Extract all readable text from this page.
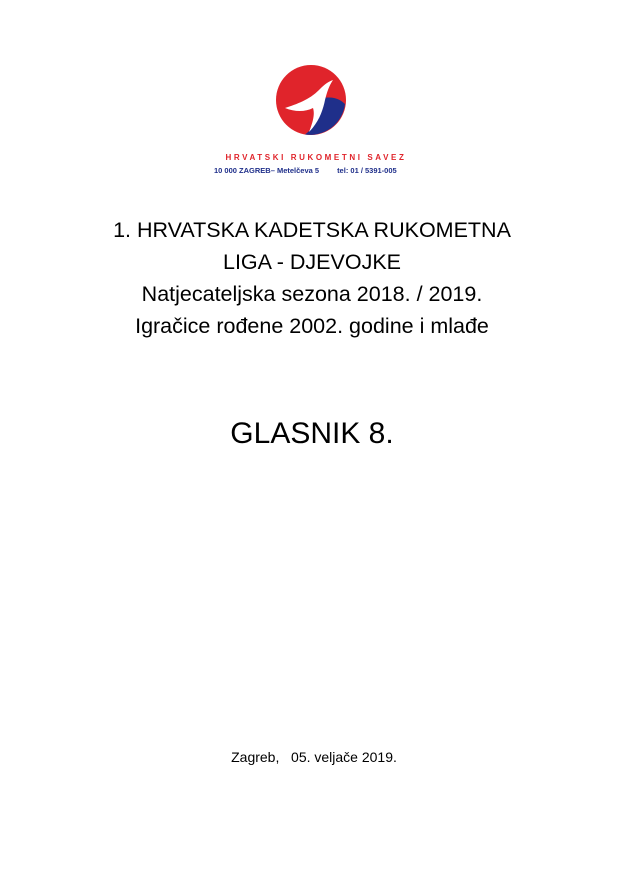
HRVATSKI RUKOMETNI SAVEZ
10 000 ZAGREB– Metelčeva 5 tel: 01 / 5391-005
1. HRVATSKA KADETSKA RUKOMETNA
LIGA - DJEVOJKE
Natjecateljska sezona 2018. / 2019.
Igračice rođene 2002. godine i mlađe
GLASNIK 8.
Zagreb,   05. veljače 2019.
